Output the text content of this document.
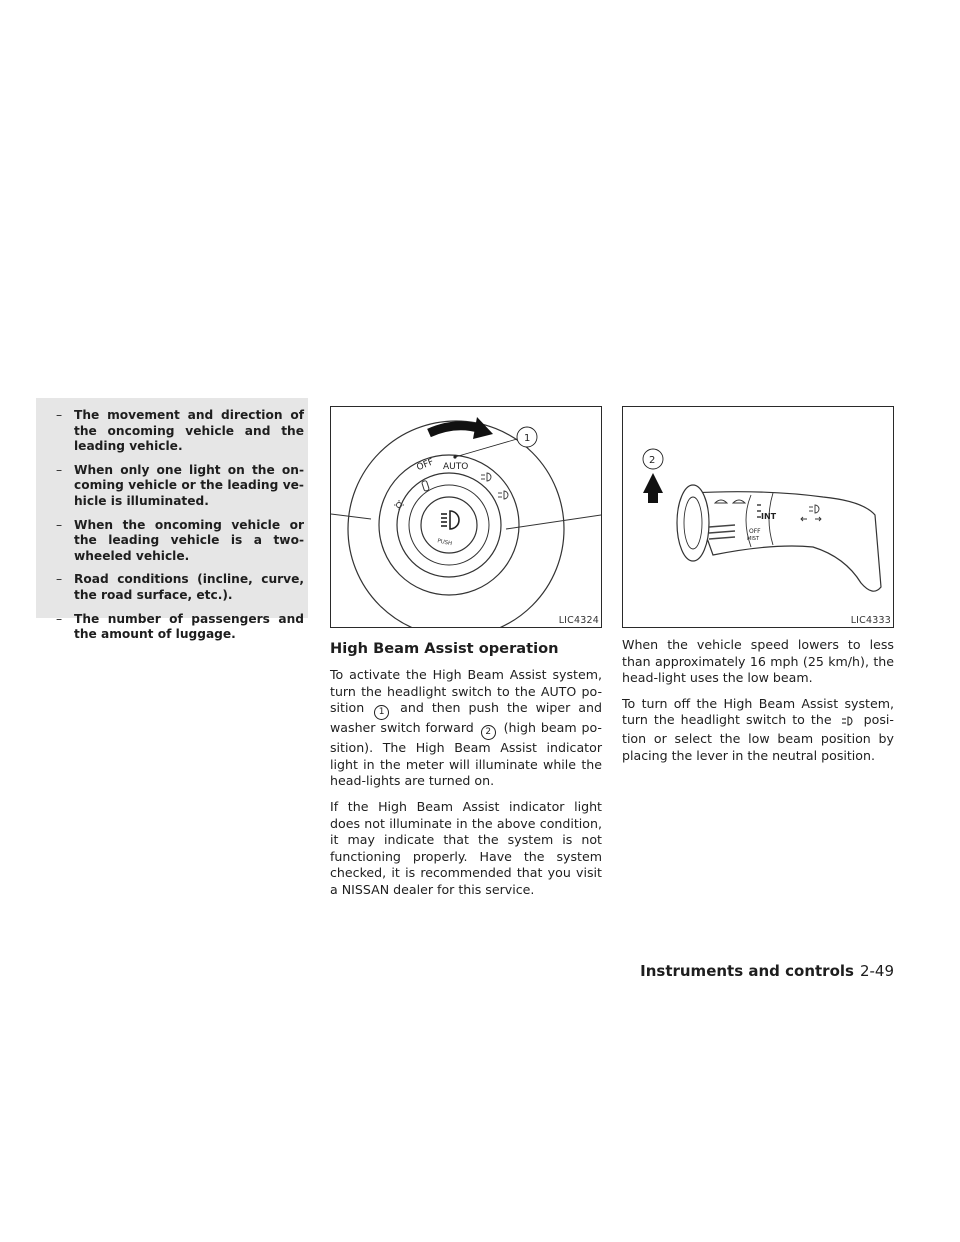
– The movement and direction of the oncoming vehicle and the leading vehicle.
– When only one light on the on-coming vehicle or the leading ve-hicle is illuminated.
– When the oncoming vehicle or the leading vehicle is a two-wheeled vehicle.
– Road conditions (incline, curve, the road surface, etc.).
– The number of passengers and the amount of luggage.
PUSH
OFF AUTO
1
LIC4324
INT
OFF
MIST
2
LIC4333
High Beam Assist operation

To activate the High Beam Assist system, turn the headlight switch to the AUTO po-sition 1 and then push the wiper and washer switch forward 2 (high beam po-sition). The High Beam Assist indicator light in the meter will illuminate while the head-lights are turned on.

If the High Beam Assist indicator light does not illuminate in the above condition, it may indicate that the system is not functioning properly. Have the system checked, it is recommended that you visit a NISSAN dealer for this service.

When the vehicle speed lowers to less than approximately 16 mph (25 km/h), the head-light uses the low beam.

To turn off the High Beam Assist system, turn the headlight switch to the	posi-tion or select the low beam position by placing the lever in the neutral position.

Instruments and controls 2-49
